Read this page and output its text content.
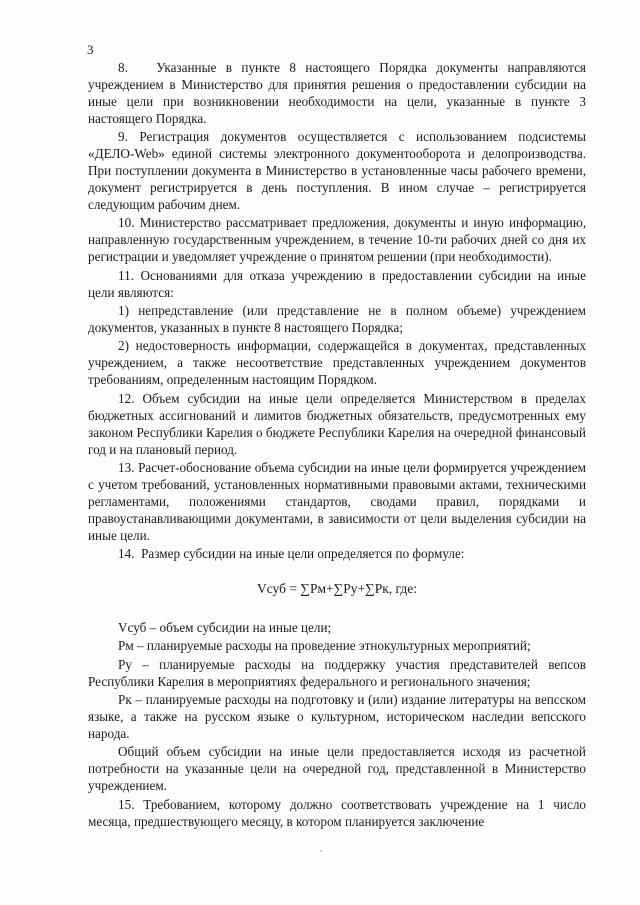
3

8.   Указанные в пункте 8 настоящего Порядка документы направляются учреждением в Министерство для принятия решения о предоставлении субсидии на иные цели при возникновении необходимости на цели, указанные в пункте 3 настоящего Порядка.

9. Регистрация документов осуществляется с использованием подсистемы «ДЕЛО-Web» единой системы электронного документооборота и делопроизводства. При поступлении документа в Министерство в установленные часы рабочего времени, документ регистрируется в день поступления. В ином случае – регистрируется следующим рабочим днем.

10. Министерство рассматривает предложения, документы и иную информацию, направленную государственным учреждением, в течение 10-ти рабочих дней со дня их регистрации и уведомляет учреждение о принятом решении (при необходимости).

11. Основаниями для отказа учреждению в предоставлении субсидии на иные цели являются:

1) непредставление (или представление не в полном объеме) учреждением документов, указанных в пункте 8 настоящего Порядка;

2) недостоверность информации, содержащейся в документах, представленных учреждением, а также несоответствие представленных учреждением документов требованиям, определенным настоящим Порядком.

12. Объем субсидии на иные цели определяется Министерством в пределах бюджетных ассигнований и лимитов бюджетных обязательств, предусмотренных ему законом Республики Карелия о бюджете Республики Карелия на очередной финансовый год и на плановый период.

13. Расчет-обоснование объема субсидии на иные цели формируется учреждением с учетом требований, установленных нормативными правовыми актами, техническими регламентами, положениями стандартов, сводами правил, порядками и правоустанавливающими документами, в зависимости от цели выделения субсидии на иные цели.

14.  Размер субсидии на иные цели определяется по формуле:

Vсуб = ∑Рм+∑Ру+∑Рк, где:

Vсуб – объем субсидии на иные цели;

Рм – планируемые расходы на проведение этнокультурных мероприятий;

Ру – планируемые расходы на поддержку участия представителей вепсов Республики Карелия в мероприятиях федерального и регионального значения;

Рк – планируемые расходы на подготовку и (или) издание литературы на вепсском языке, а также на русском языке о культурном, историческом наследии вепсского народа.

Общий объем субсидии на иные цели предоставляется исходя из расчетной потребности на указанные цели на очередной год, представленной в Министерство учреждением.

15. Требованием, которому должно соответствовать учреждение на 1 число месяца, предшествующего месяцу, в котором планируется заключение
